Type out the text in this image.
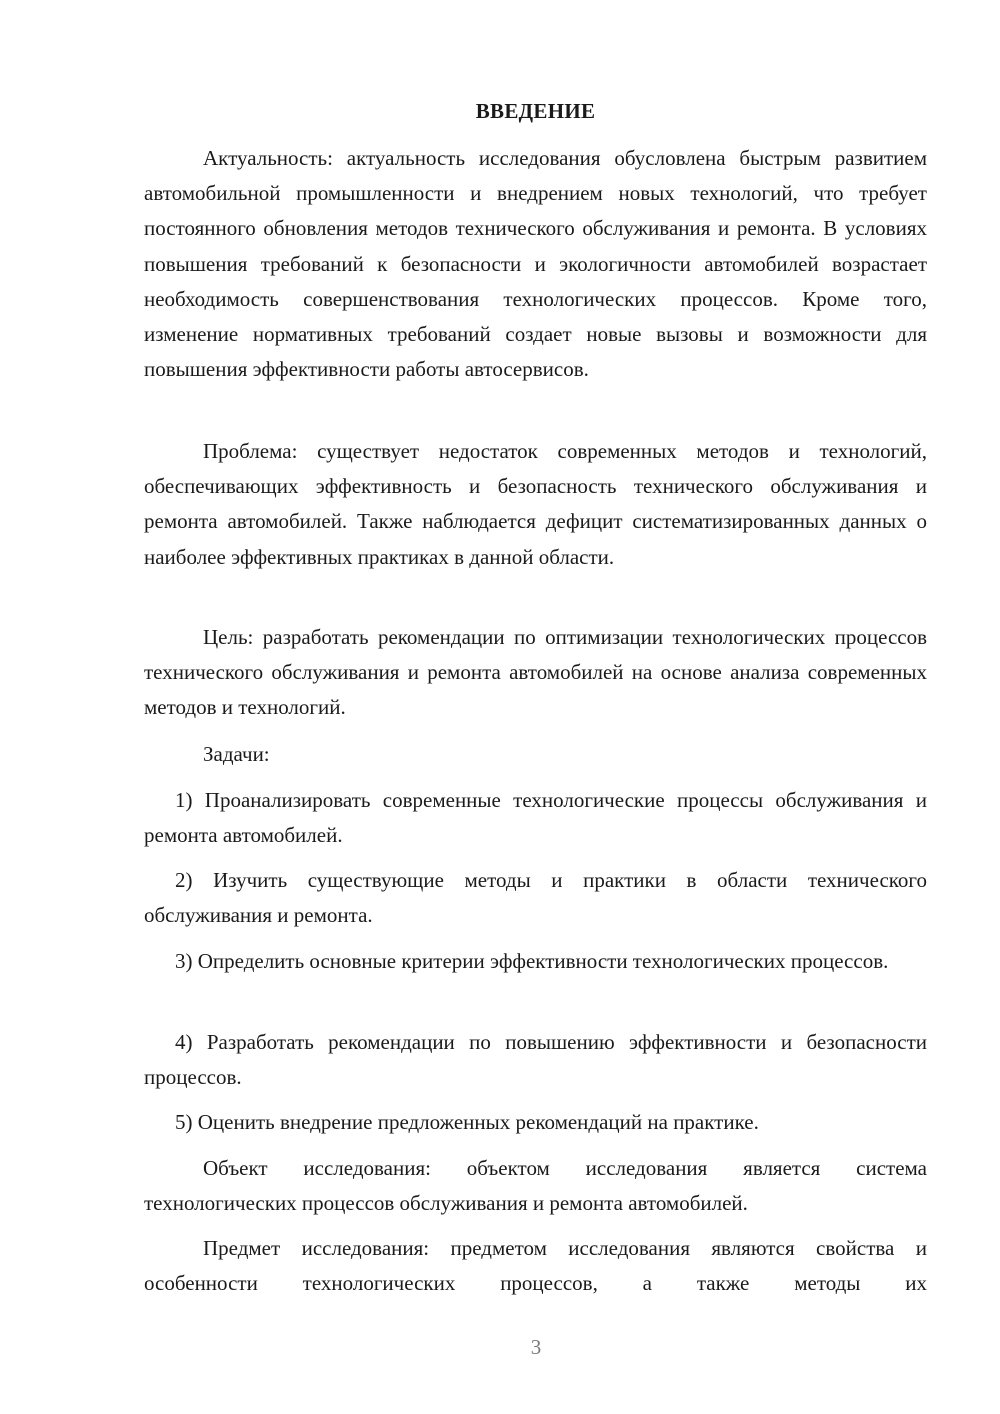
ВВЕДЕНИЕ

Актуальность: актуальность исследования обусловлена быстрым развитием автомобильной промышленности и внедрением новых технологий, что требует постоянного обновления методов технического обслуживания и ремонта. В условиях повышения требований к безопасности и экологичности автомобилей возрастает необходимость совершенствования технологических процессов. Кроме того, изменение нормативных требований создает новые вызовы и возможности для повышения эффективности работы автосервисов.

Проблема: существует недостаток современных методов и технологий, обеспечивающих эффективность и безопасность технического обслуживания и ремонта автомобилей. Также наблюдается дефицит систематизированных данных о наиболее эффективных практиках в данной области.

Цель: разработать рекомендации по оптимизации технологических процессов технического обслуживания и ремонта автомобилей на основе анализа современных методов и технологий.

Задачи:

1) Проанализировать современные технологические процессы обслуживания и ремонта автомобилей.

2) Изучить существующие методы и практики в области технического обслуживания и ремонта.

3) Определить основные критерии эффективности технологических процессов.

4) Разработать рекомендации по повышению эффективности и безопасности процессов.

5) Оценить внедрение предложенных рекомендаций на практике.

Объект исследования: объектом исследования является система технологических процессов обслуживания и ремонта автомобилей.

Предмет исследования: предметом исследования являются свойства и особенности технологических процессов, а также методы их

3
